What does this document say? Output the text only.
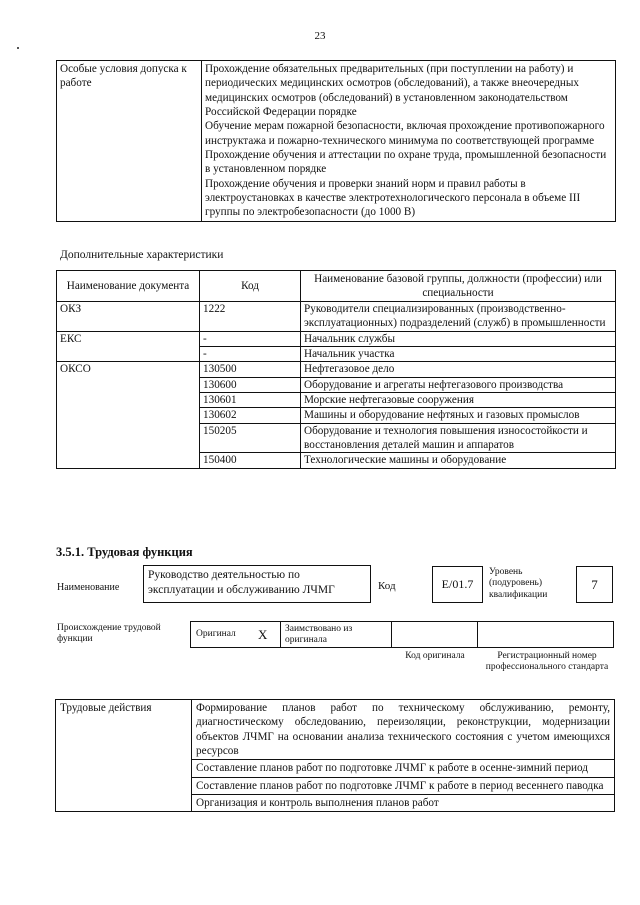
23
Особые условия допуска к работе	
Прохождение обязательных предварительных (при поступлении на работу) и периодических медицинских осмотров (обследований), а также внеочередных медицинских осмотров (обследований) в установленном законодательством Российской Федерации порядке
Обучение мерам пожарной безопасности, включая прохождение противопожарного инструктажа и пожарно-технического минимума по соответствующей программе
Прохождение обучения и аттестации по охране труда, промышленной безопасности в установленном порядке
Прохождение обучения и проверки знаний норм и правил работы в электроустановках в качестве электротехнологического персонала в объеме III группы по электробезопасности (до 1000 В)
Дополнительные характеристики
Наименование документа	Код	Наименование базовой группы, должности (профессии) или специальности
ОКЗ	1222	Руководители специализированных (производственно-эксплуатационных) подразделений (служб) в промышленности
ЕКС	-	Начальник службы
	-	Начальник участка
ОКСО	130500	Нефтегазовое дело
	130600	Оборудование и агрегаты нефтегазового производства
	130601	Морские нефтегазовые сооружения
	130602	Машины и оборудование нефтяных и газовых промыслов
	150205	Оборудование и технология повышения износостойкости и восстановления деталей машин и аппаратов
	150400	Технологические машины и оборудование
3.5.1. Трудовая функция
Наименование
Руководство деятельностью по эксплуатации и обслуживанию ЛЧМГ	Код	E/01.7
Уровень (подуровень) квалификации
7
Происхождение трудовой функции
Оригинал X Заимствовано из оригинала
Код оригинала	Регистрационный номер профессионального стандарта
Трудовые действия	Формирование планов работ по техническому обслуживанию, ремонту, диагностическому обследованию, переизоляции, реконструкции, модернизации объектов ЛЧМГ на основании анализа технического состояния с учетом имеющихся ресурсов
Составление планов работ по подготовке ЛЧМГ к работе в осенне-зимний период
Составление планов работ по подготовке ЛЧМГ к работе в период весеннего паводка
Организация и контроль выполнения планов работ
